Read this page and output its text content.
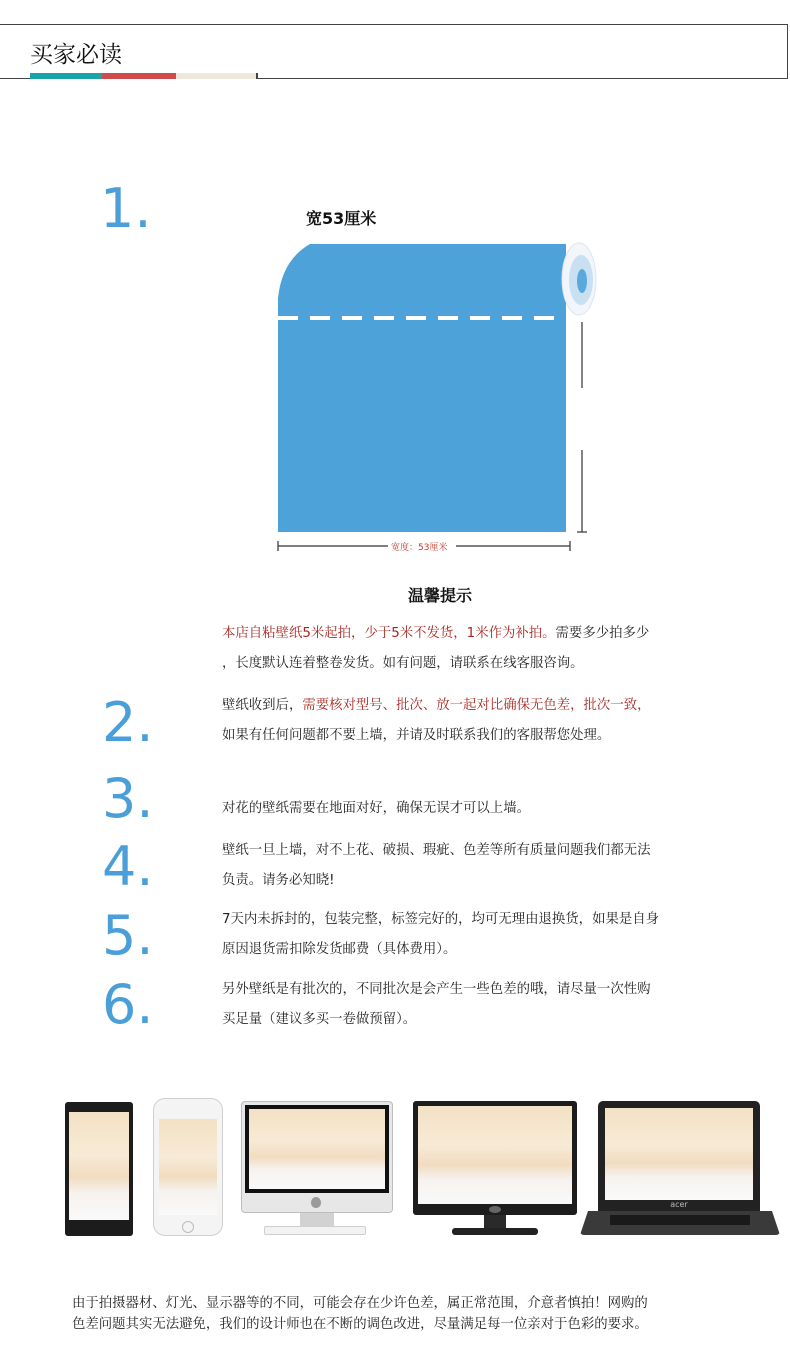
买家必读
1.	宽53厘米
宽度：53厘米
温馨提示
本店自粘壁纸5米起拍，少于5米不发货，1米作为补拍。需要多少拍多少
，长度默认连着整卷发货。如有问题，请联系在线客服咨询。
2.	壁纸收到后，需要核对型号、批次、放一起对比确保无色差，批次一致，
如果有任何问题都不要上墙，并请及时联系我们的客服帮您处理。
3.	对花的壁纸需要在地面对好，确保无误才可以上墙。
4.	壁纸一旦上墙，对不上花、破损、瑕疵、色差等所有质量问题我们都无法
负责。请务必知晓!
5.	7天内未拆封的，包装完整，标签完好的，均可无理由退换货，如果是自身
原因退货需扣除发货邮费（具体费用）。
6.	另外壁纸是有批次的，不同批次是会产生一些色差的哦，请尽量一次性购
买足量（建议多买一卷做预留）。
acer
由于拍摄器材、灯光、显示器等的不同，可能会存在少许色差，属正常范围，介意者慎拍！网购的
色差问题其实无法避免，我们的设计师也在不断的调色改进，尽量满足每一位亲对于色彩的要求。
